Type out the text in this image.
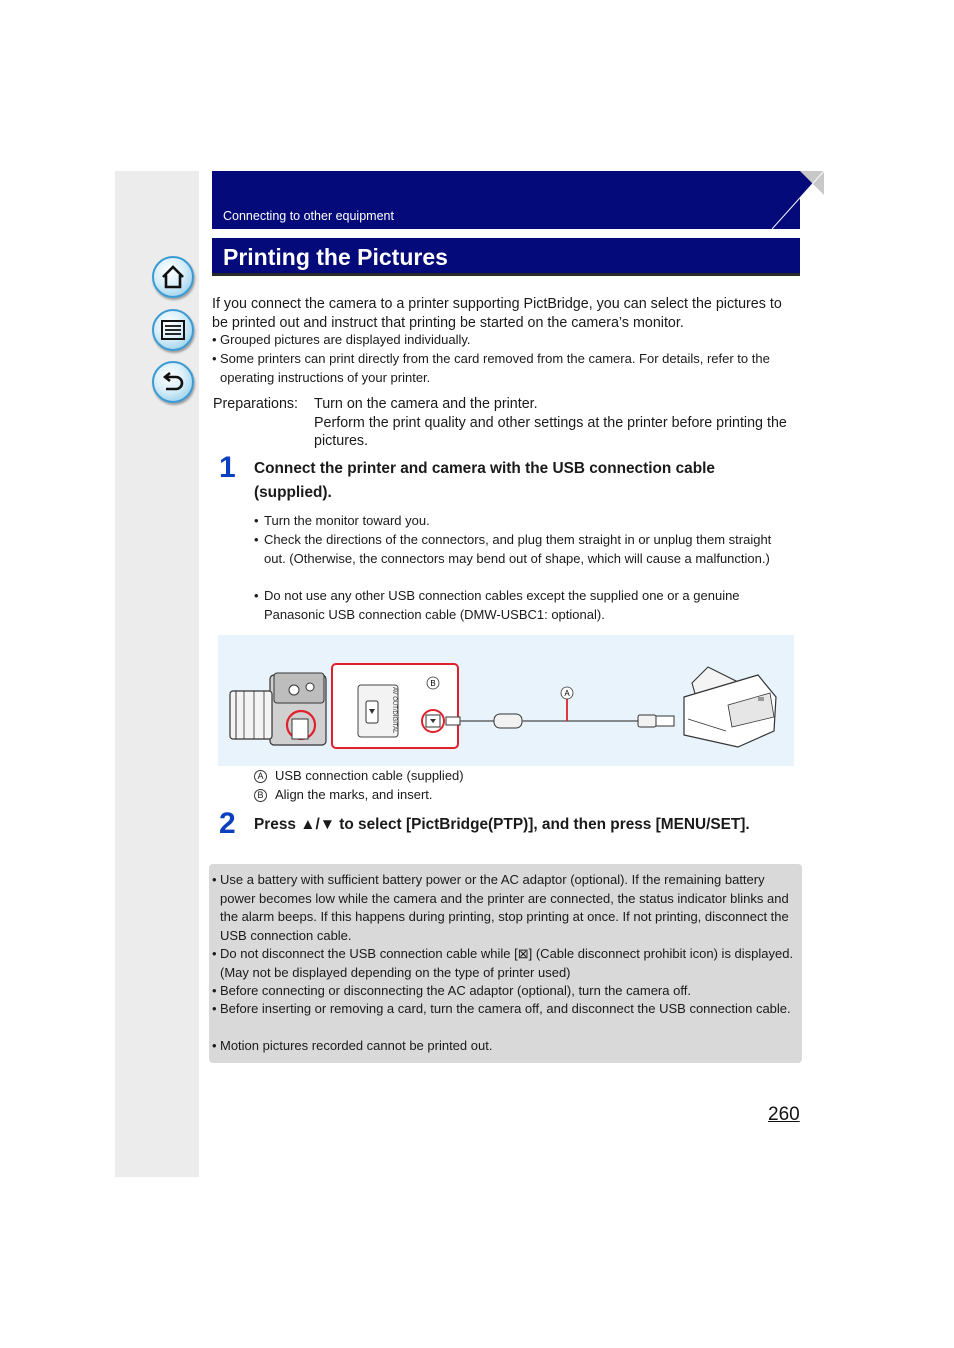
Connecting to other equipment
Printing the Pictures
If you connect the camera to a printer supporting PictBridge, you can select the pictures to be printed out and instruct that printing be started on the camera’s monitor.
• Grouped pictures are displayed individually.
• Some printers can print directly from the card removed from the camera. For details, refer to the operating instructions of your printer.
Preparations: Turn on the camera and the printer.
Perform the print quality and other settings at the printer before printing the pictures.
1 Connect the printer and camera with the USB connection cable (supplied).
• Turn the monitor toward you.
• Check the directions of the connectors, and plug them straight in or unplug them straight out. (Otherwise, the connectors may bend out of shape, which will cause a malfunction.)
• Do not use any other USB connection cables except the supplied one or a genuine Panasonic USB connection cable (DMW-USBC1: optional).
AV OUT/DIGITAL
B
A
A USB connection cable (supplied)
B Align the marks, and insert.
2 Press ▲/▼ to select [PictBridge(PTP)], and then press [MENU/SET].
• Use a battery with sufficient battery power or the AC adaptor (optional). If the remaining battery power becomes low while the camera and the printer are connected, the status indicator blinks and the alarm beeps. If this happens during printing, stop printing at once. If not printing, disconnect the USB connection cable.
• Do not disconnect the USB connection cable while [⊠] (Cable disconnect prohibit icon) is displayed. (May not be displayed depending on the type of printer used)
• Before connecting or disconnecting the AC adaptor (optional), turn the camera off.
• Before inserting or removing a card, turn the camera off, and disconnect the USB connection cable.
• Motion pictures recorded cannot be printed out.
260
